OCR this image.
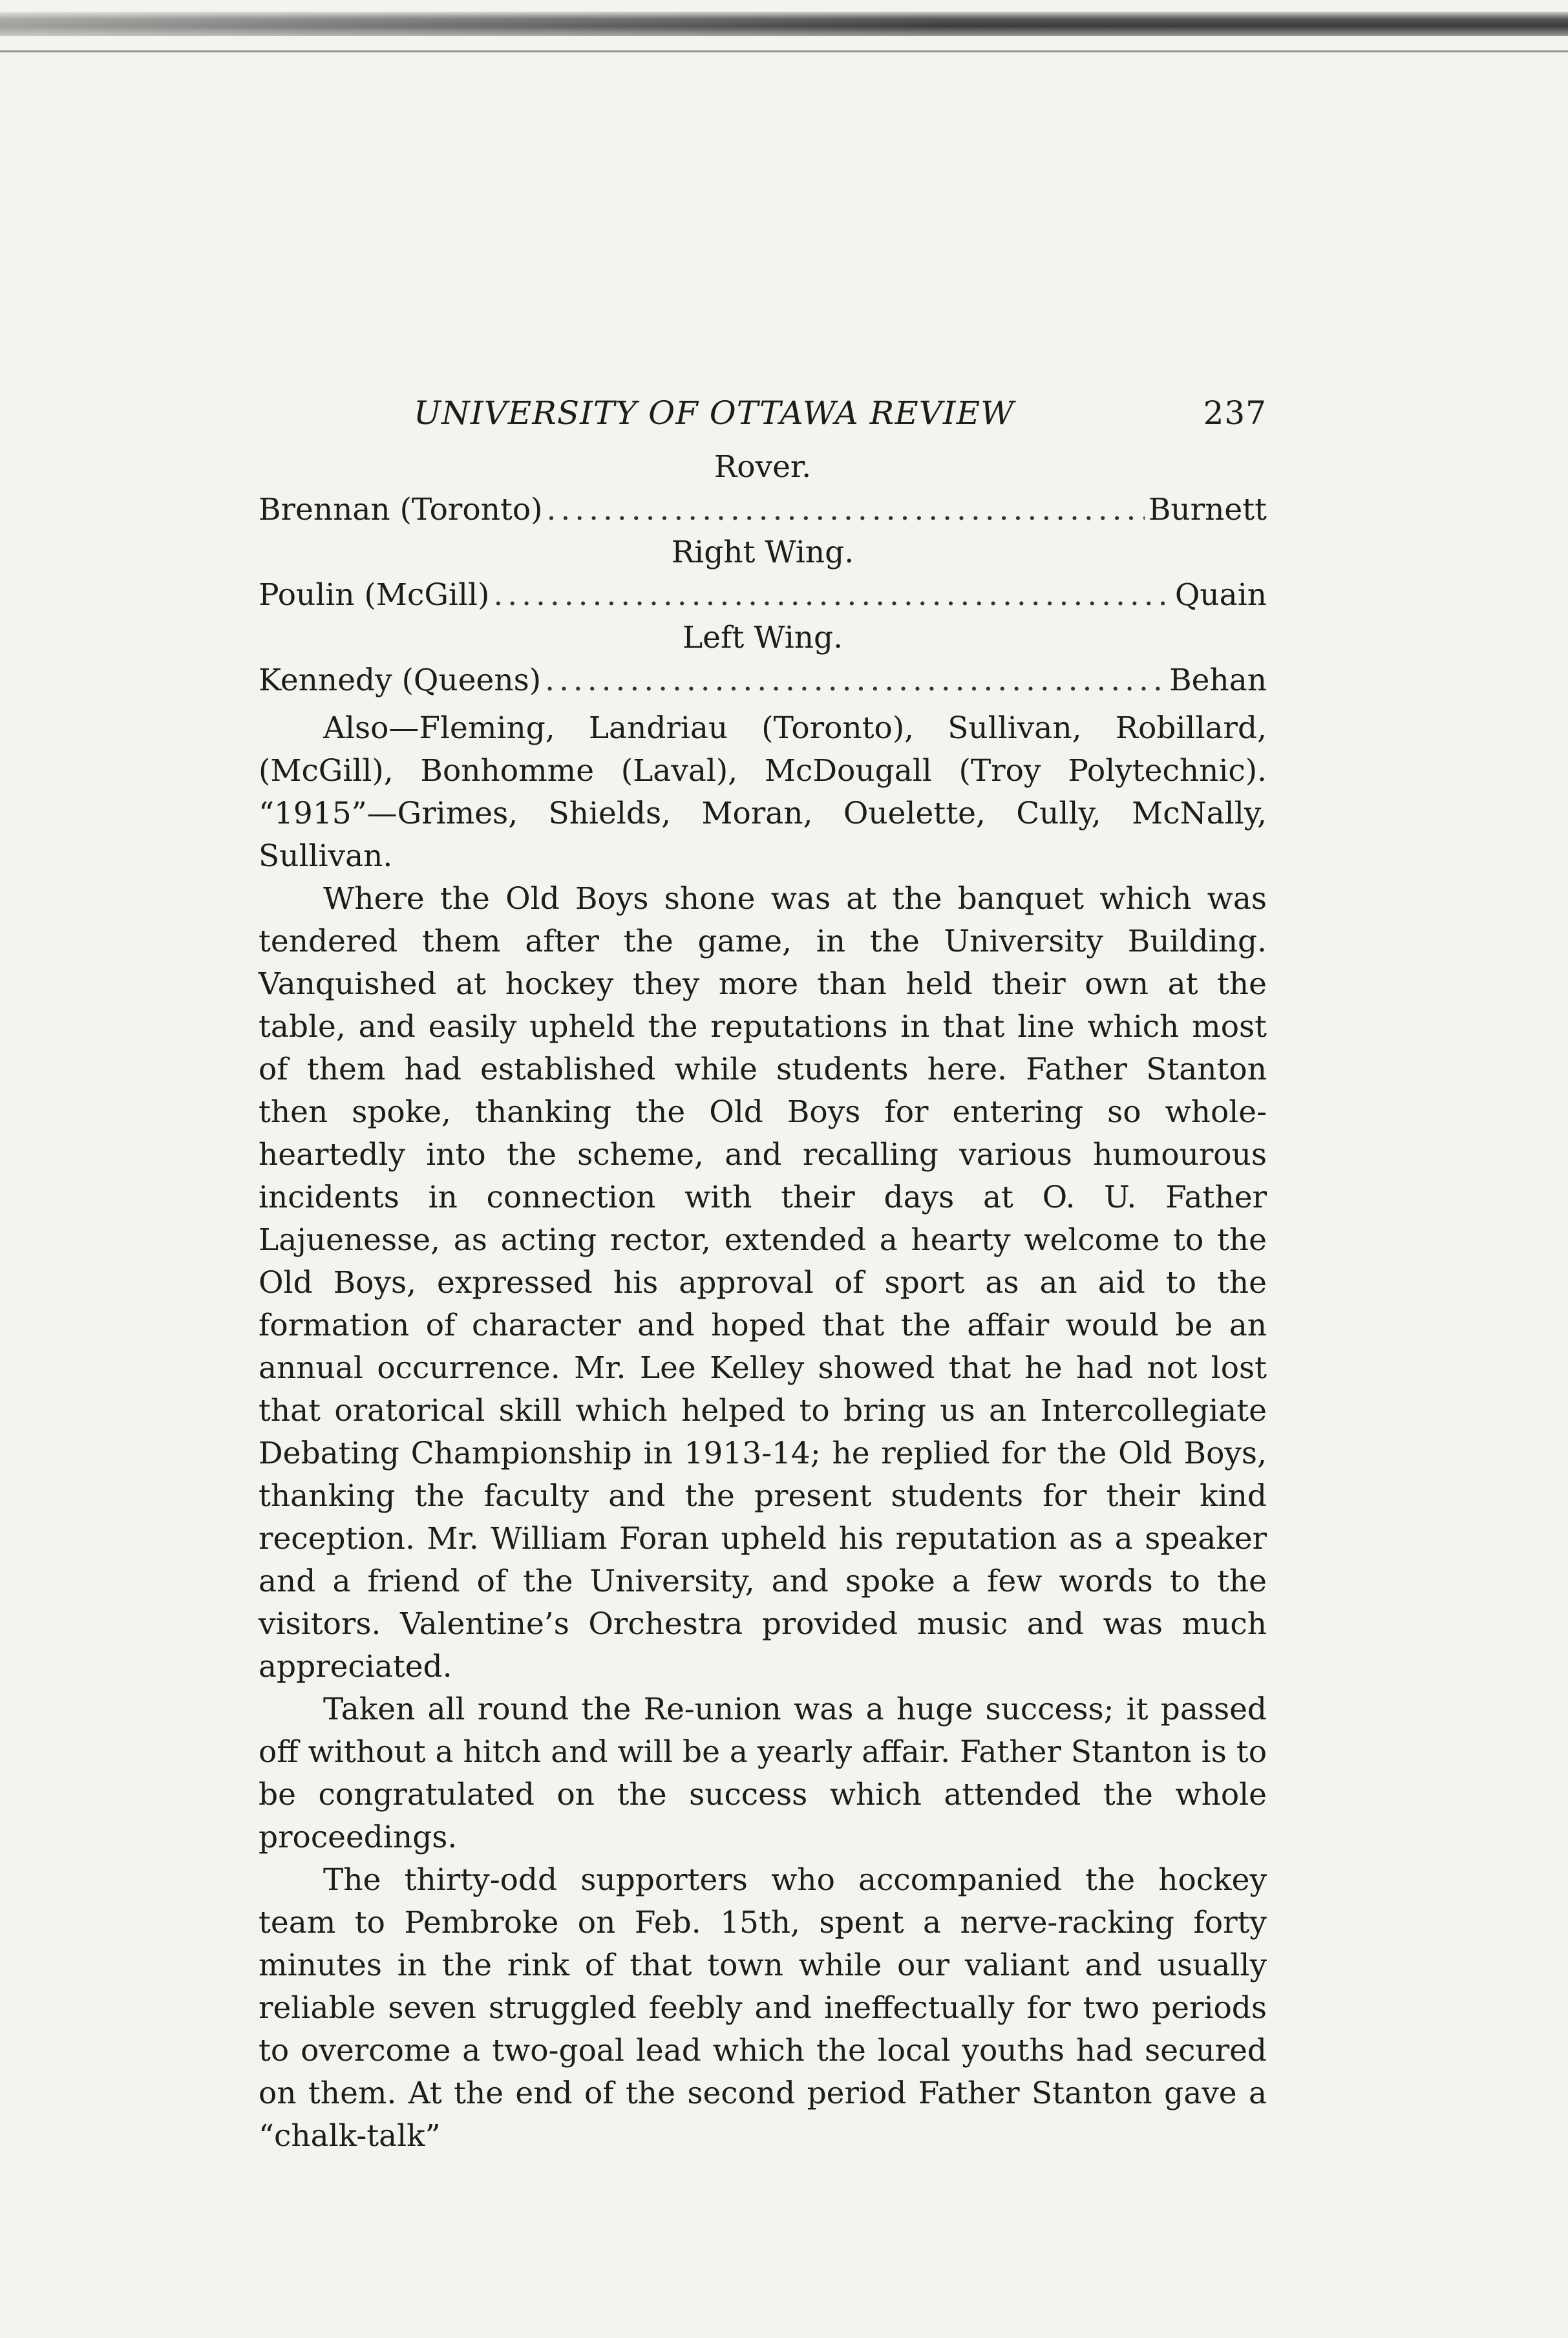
UNIVERSITY OF OTTAWA REVIEW	237
Rover.
Brennan (Toronto) . . .	Burnett
Right Wing.
Poulin (McGill) . . .	Quain
Left Wing.
Kennedy (Queens) . . .	Behan

Also—Fleming, Landriau (Toronto), Sullivan, Robillard, (McGill), Bonhomme (Laval), McDougall (Troy Polytechnic). “1915”—Grimes, Shields, Moran, Ouelette, Cully, McNally, Sullivan.

Where the Old Boys shone was at the banquet which was tendered them after the game, in the University Building. Vanquished at hockey they more than held their own at the table, and easily upheld the reputations in that line which most of them had established while students here. Father Stanton then spoke, thanking the Old Boys for entering so whole-heartedly into the scheme, and recalling various humourous incidents in connection with their days at O. U. Father Lajuenesse, as acting rector, extended a hearty welcome to the Old Boys, expressed his approval of sport as an aid to the formation of character and hoped that the affair would be an annual occurrence. Mr. Lee Kelley showed that he had not lost that oratorical skill which helped to bring us an Intercollegiate Debating Championship in 1913-14; he replied for the Old Boys, thanking the faculty and the present students for their kind reception. Mr. William Foran upheld his reputation as a speaker and a friend of the University, and spoke a few words to the visitors. Valentine’s Orchestra provided music and was much appreciated.

Taken all round the Re-union was a huge success; it passed off without a hitch and will be a yearly affair. Father Stanton is to be congratulated on the success which attended the whole proceedings.

The thirty-odd supporters who accompanied the hockey team to Pembroke on Feb. 15th, spent a nerve-racking forty minutes in the rink of that town while our valiant and usually reliable seven struggled feebly and ineffectually for two periods to overcome a two-goal lead which the local youths had secured on them. At the end of the second period Father Stanton gave a “chalk-talk”
